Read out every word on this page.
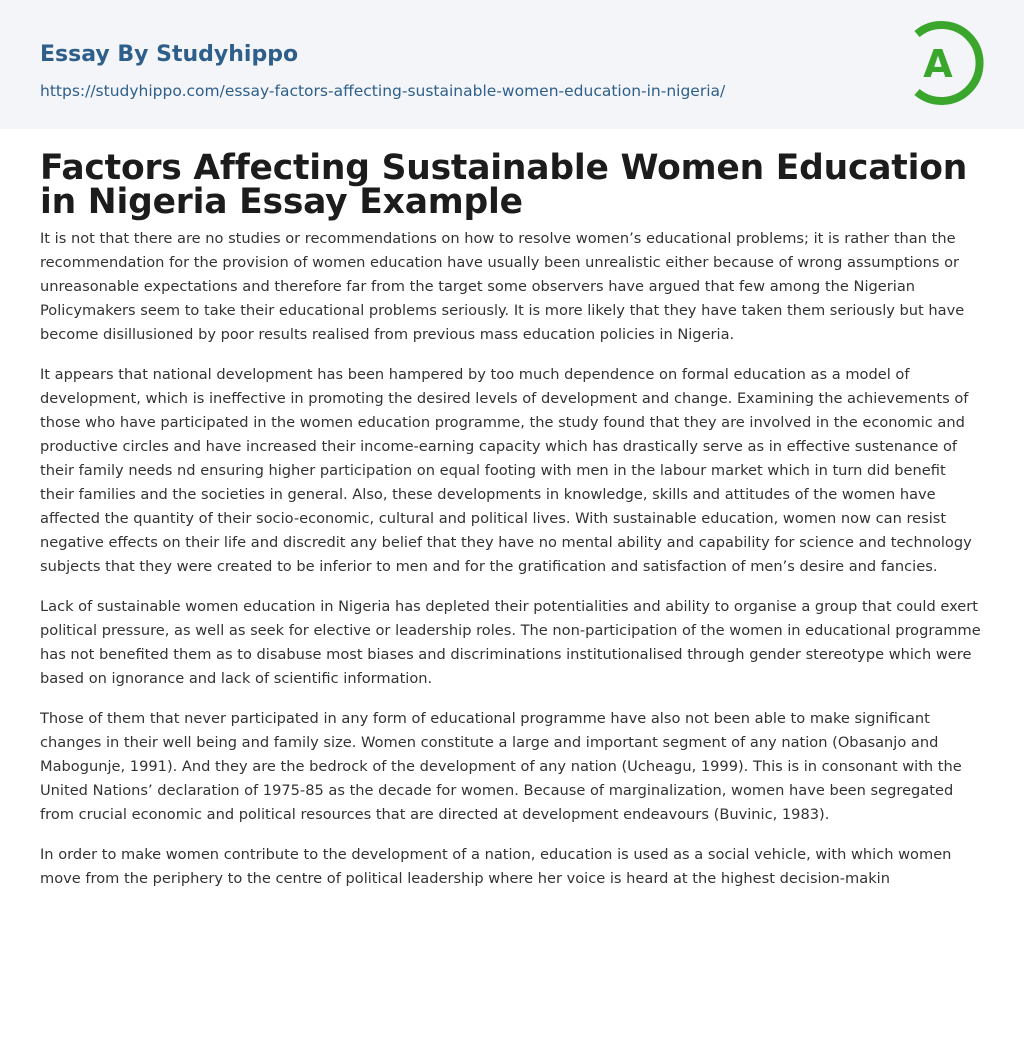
Essay By Studyhippo
https://studyhippo.com/essay-factors-affecting-sustainable-women-education-in-nigeria/
A
Factors Affecting Sustainable Women Education in Nigeria Essay Example

It is not that there are no studies or recommendations on how to resolve women’s educational problems; it is rather than the recommendation for the provision of women education have usually been unrealistic either because of wrong assumptions or unreasonable expectations and therefore far from the target some observers have argued that few among the Nigerian Policymakers seem to take their educational problems seriously. It is more likely that they have taken them seriously but have become disillusioned by poor results realised from previous mass education policies in Nigeria.

It appears that national development has been hampered by too much dependence on formal education as a model of development, which is ineffective in promoting the desired levels of development and change. Examining the achievements of those who have participated in the women education programme, the study found that they are involved in the economic and productive circles and have increased their income-earning capacity which has drastically serve as in effective sustenance of their family needs nd ensuring higher participation on equal footing with men in the labour market which in turn did benefit their families and the societies in general. Also, these developments in knowledge, skills and attitudes of the women have affected the quantity of their socio-economic, cultural and political lives. With sustainable education, women now can resist negative effects on their life and discredit any belief that they have no mental ability and capability for science and technology subjects that they were created to be inferior to men and for the gratification and satisfaction of men’s desire and fancies.

Lack of sustainable women education in Nigeria has depleted their potentialities and ability to organise a group that could exert political pressure, as well as seek for elective or leadership roles. The non-participation of the women in educational programme has not benefited them as to disabuse most biases and discriminations institutionalised through gender stereotype which were based on ignorance and lack of scientific information.

Those of them that never participated in any form of educational programme have also not been able to make significant changes in their well being and family size. Women constitute a large and important segment of any nation (Obasanjo and Mabogunje, 1991). And they are the bedrock of the development of any nation (Ucheagu, 1999). This is in consonant with the United Nations’ declaration of 1975-85 as the decade for women. Because of marginalization, women have been segregated from crucial economic and political resources that are directed at development endeavours (Buvinic, 1983).

In order to make women contribute to the development of a nation, education is used as a social vehicle, with which women move from the periphery to the centre of political leadership where her voice is heard at the highest decision-makin
